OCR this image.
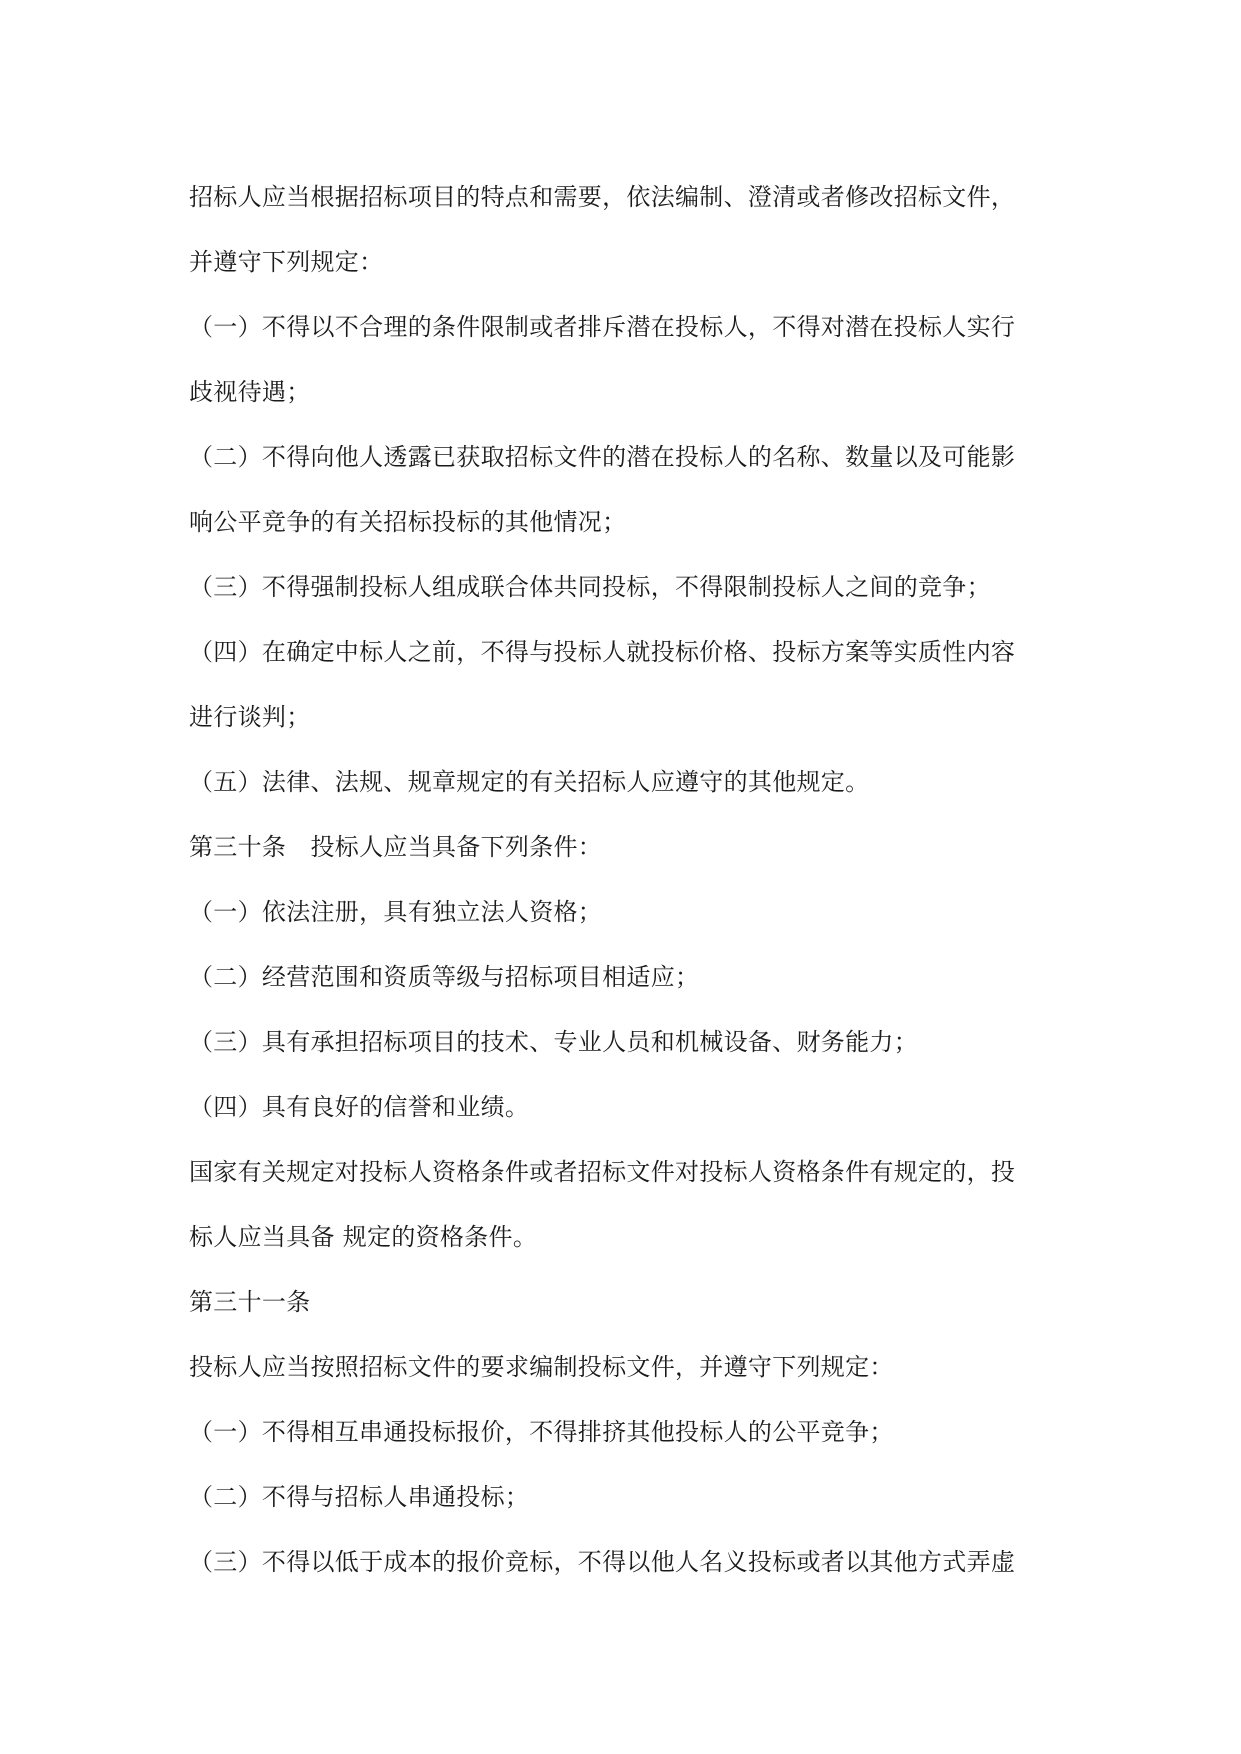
招标人应当根据招标项目的特点和需要，依法编制、澄清或者修改招标文件，
并遵守下列规定：
（一）不得以不合理的条件限制或者排斥潜在投标人，不得对潜在投标人实行
歧视待遇；
（二）不得向他人透露已获取招标文件的潜在投标人的名称、数量以及可能影
响公平竞争的有关招标投标的其他情况；
（三）不得强制投标人组成联合体共同投标，不得限制投标人之间的竞争；
（四）在确定中标人之前，不得与投标人就投标价格、投标方案等实质性内容
进行谈判；
（五）法律、法规、规章规定的有关招标人应遵守的其他规定。
第三十条　投标人应当具备下列条件：
（一）依法注册，具有独立法人资格；
（二）经营范围和资质等级与招标项目相适应；
（三）具有承担招标项目的技术、专业人员和机械设备、财务能力；
（四）具有良好的信誉和业绩。
国家有关规定对投标人资格条件或者招标文件对投标人资格条件有规定的，投
标人应当具备 规定的资格条件。
第三十一条
投标人应当按照招标文件的要求编制投标文件，并遵守下列规定：
（一）不得相互串通投标报价，不得排挤其他投标人的公平竞争；
（二）不得与招标人串通投标；
（三）不得以低于成本的报价竞标，不得以他人名义投标或者以其他方式弄虚
